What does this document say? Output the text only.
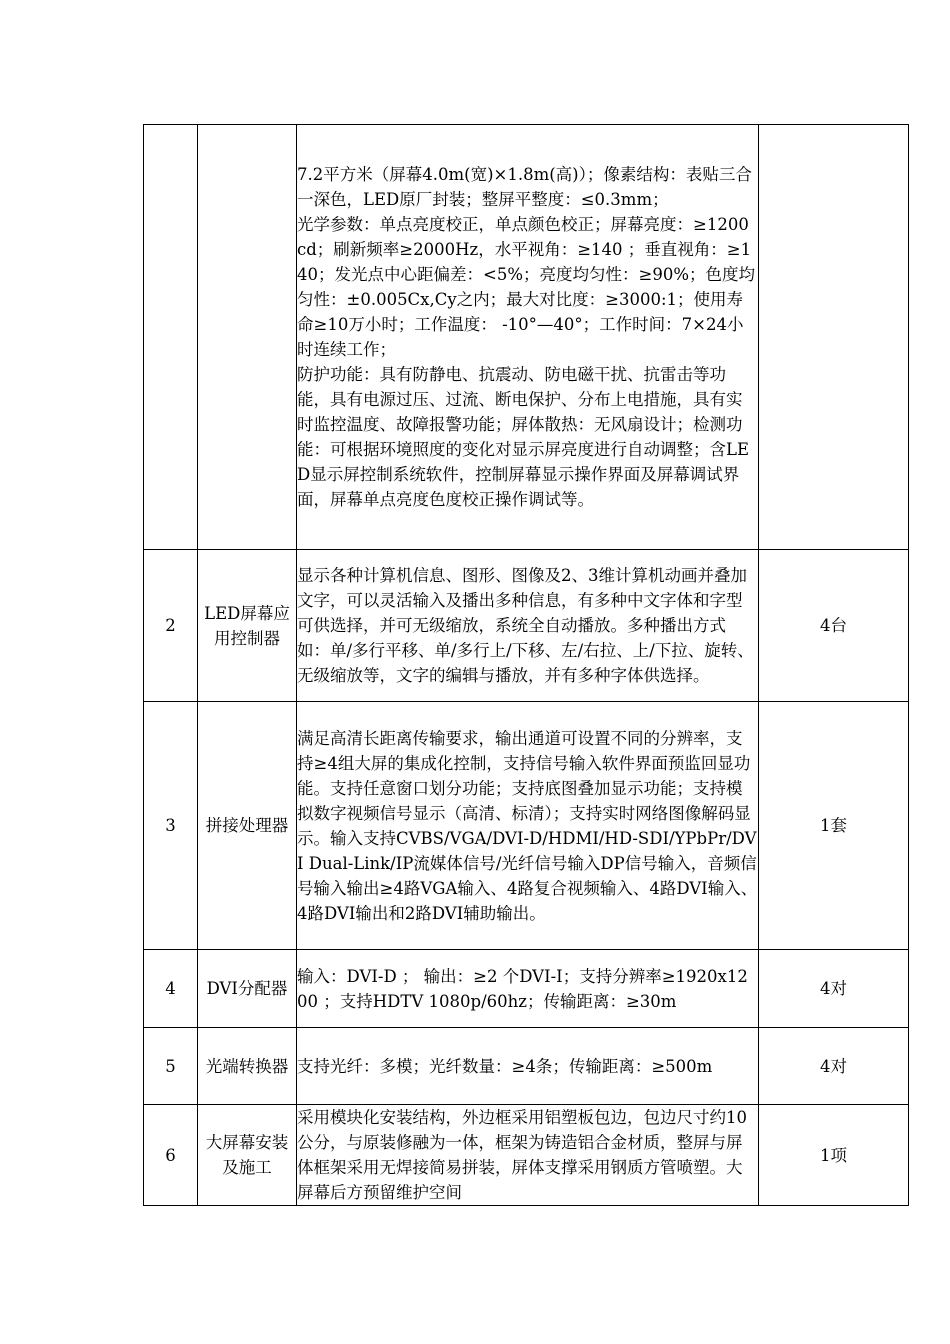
		7.2平方米（屏幕4.0m(宽)×1.8m(高)）；像素结构：表贴三合一深色，LED原厂封装；整屏平整度：≤0.3mm；
光学参数：单点亮度校正，单点颜色校正；屏幕亮度：≥1200cd；刷新频率≥2000Hz，水平视角：≥140 ；垂直视角：≥140；发光点中心距偏差：<5%；亮度均匀性：≥90%；色度均匀性：±0.005Cx,Cy之内；最大对比度：≥3000:1；使用寿命≥10万小时；工作温度： -10°—40°；工作时间：7×24小时连续工作；
防护功能：具有防静电、抗震动、防电磁干扰、抗雷击等功能，具有电源过压、过流、断电保护、分布上电措施，具有实时监控温度、故障报警功能；屏体散热：无风扇设计；检测功能：可根据环境照度的变化对显示屏亮度进行自动调整；含LED显示屏控制系统软件，控制屏幕显示操作界面及屏幕调试界面，屏幕单点亮度色度校正操作调试等。	

2	LED屏幕应用控制器	显示各种计算机信息、图形、图像及2、3维计算机动画并叠加文字，可以灵活输入及播出多种信息，有多种中文字体和字型可供选择，并可无级缩放，系统全自动播放。多种播出方式如：单/多行平移、单/多行上/下移、左/右拉、上/下拉、旋转、无级缩放等，文字的编辑与播放，并有多种字体供选择。	4台
3	拼接处理器	满足高清长距离传输要求，输出通道可设置不同的分辨率，支持≥4组大屏的集成化控制，支持信号输入软件界面预监回显功能。支持任意窗口划分功能；支持底图叠加显示功能；支持模拟数字视频信号显示（高清、标清）；支持实时网络图像解码显示。输入支持CVBS/VGA/DVI-D/HDMI/HD-SDI/YPbPr/DVI Dual-Link/IP流媒体信号/光纤信号输入DP信号输入，音频信号输入输出≥4路VGA输入、4路复合视频输入、4路DVI输入、4路DVI输出和2路DVI辅助输出。	1套
4	DVI分配器	输入：DVI-D ； 输出：≥2 个DVI-I；支持分辨率≥1920x1200 ；支持HDTV 1080p/60hz；传输距离：≥30m	4对
5	光端转换器	支持光纤：多模；光纤数量：≥4条；传输距离：≥500m	4对
6	大屏幕安装及施工	采用模块化安装结构，外边框采用铝塑板包边，包边尺寸约10公分，与原装修融为一体，框架为铸造铝合金材质，整屏与屏体框架采用无焊接简易拼装，屏体支撑采用钢质方管喷塑。大屏幕后方预留维护空间	1项
